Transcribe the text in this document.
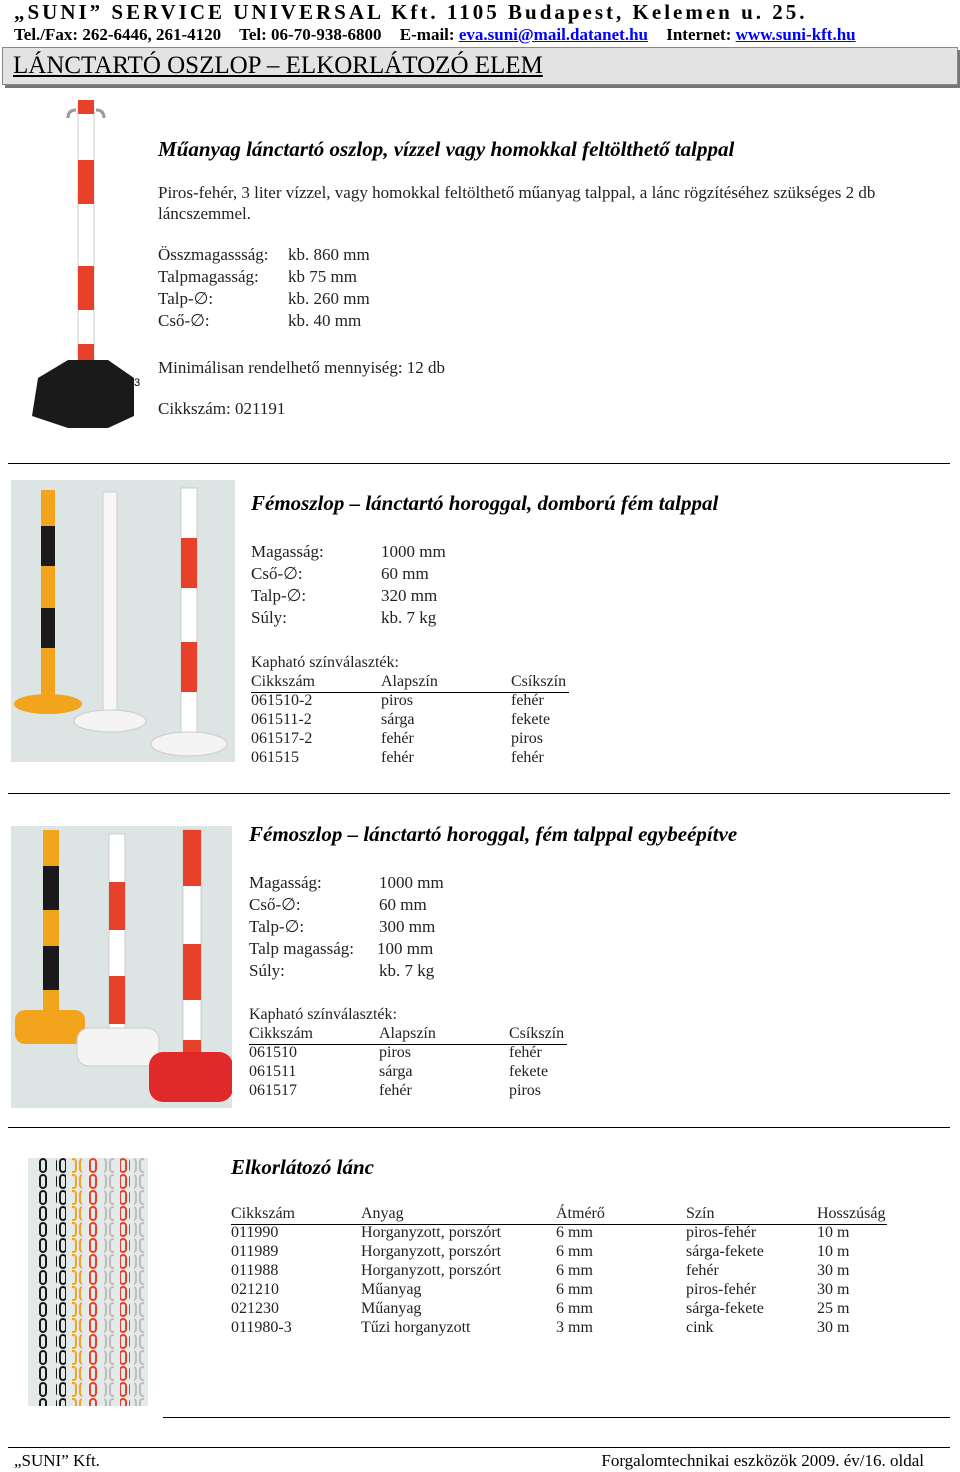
„SUNI” SERVICE UNIVERSAL Kft. 1105 Budapest, Kelemen u. 25.
Tel./Fax: 262-6446, 261-4120 Tel: 06-70-938-6800 E-mail: eva.suni@mail.datanet.hu Internet: www.suni-kft.hu
LÁNCTARTÓ OSZLOP – ELKORLÁTOZÓ ELEM
3
Műanyag lánctartó oszlop, vízzel vagy homokkal feltölthető talppal
Piros-fehér, 3 liter vízzel, vagy homokkal feltölthető műanyag talppal, a lánc rögzítéséhez szükséges 2 db láncszemmel.
Összmagassság: kb. 860 mm
Talpmagasság: kb 75 mm
Talp-∅:	kb. 260 mm
Cső-∅:	kb. 40 mm
Minimálisan rendelhető mennyiség: 12 db
Cikkszám: 021191
Fémoszlop – lánctartó horoggal, domború fém talppal
Magasság:	1000 mm
Cső-∅:	60 mm
Talp-∅:	320 mm
Súly:	kb. 7 kg
Kapható színválaszték:
Cikkszám	Alapszín	Csíkszín
061510-2	piros	fehér
061511-2	sárga	fekete
061517-2	fehér	piros
061515	fehér	fehér
Fémoszlop – lánctartó horoggal, fém talppal egybeépítve
Magasság:	1000 mm
Cső-∅:	60 mm
Talp-∅:	300 mm
Talp magasság: 100 mm
Súly:	kb. 7 kg
Kapható színválaszték:
Cikkszám	Alapszín	Csíkszín
061510	piros	fehér
061511	sárga	fekete
061517	fehér	piros
Elkorlátozó lánc
Cikkszám	Anyag	Átmérő	Szín	Hosszúság
011990	Horganyzott, porszórt	6 mm	piros-fehér	10 m
011989	Horganyzott, porszórt	6 mm	sárga-fekete	10 m
011988	Horganyzott, porszórt	6 mm	fehér	30 m
021210	Műanyag	6 mm	piros-fehér	30 m
021230	Műanyag	6 mm	sárga-fekete	25 m
011980-3	Tűzi horganyzott	3 mm	cink	30 m
„SUNI” Kft.	Forgalomtechnikai eszközök 2009. év/16. oldal
